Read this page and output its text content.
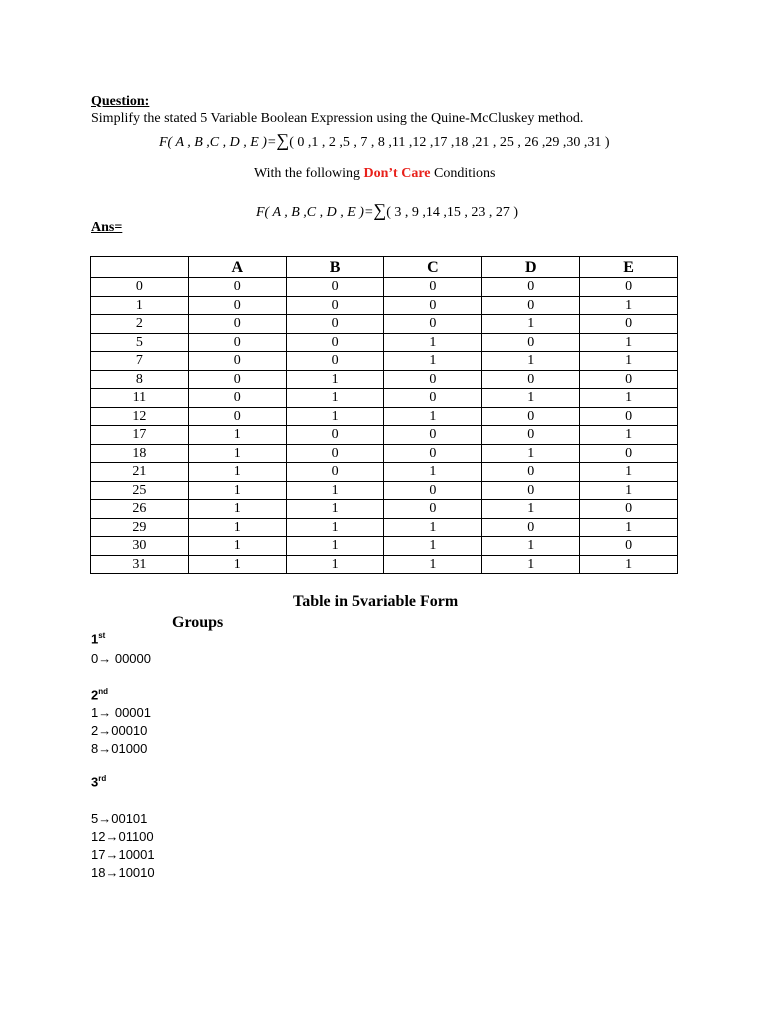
Question:
Simplify the stated 5 Variable Boolean Expression using the Quine-McCluskey method.
F( A , B ,C , D , E )=∑( 0 ,1 , 2 ,5 , 7 , 8 ,11 ,12 ,17 ,18 ,21 , 25 , 26 ,29 ,30 ,31 )
With the following Don’t Care Conditions
F( A , B ,C , D , E )=∑( 3 , 9 ,14 ,15 , 23 , 27 )
Ans=
	A	B	C	D	E
0	0	0	0	0	0
1	0	0	0	0	1
2	0	0	0	1	0
5	0	0	1	0	1
7	0	0	1	1	1
8	0	1	0	0	0
11	0	1	0	1	1
12	0	1	1	0	0
17	1	0	0	0	1
18	1	0	0	1	0
21	1	0	1	0	1
25	1	1	0	0	1
26	1	1	0	1	0
29	1	1	1	0	1
30	1	1	1	1	0
31	1	1	1	1	1
Table in 5variable Form
Groups
1st
0→ 00000
2nd
1→ 00001
2→00010
8→01000
3rd
5→00101
12→01100
17→10001
18→10010
